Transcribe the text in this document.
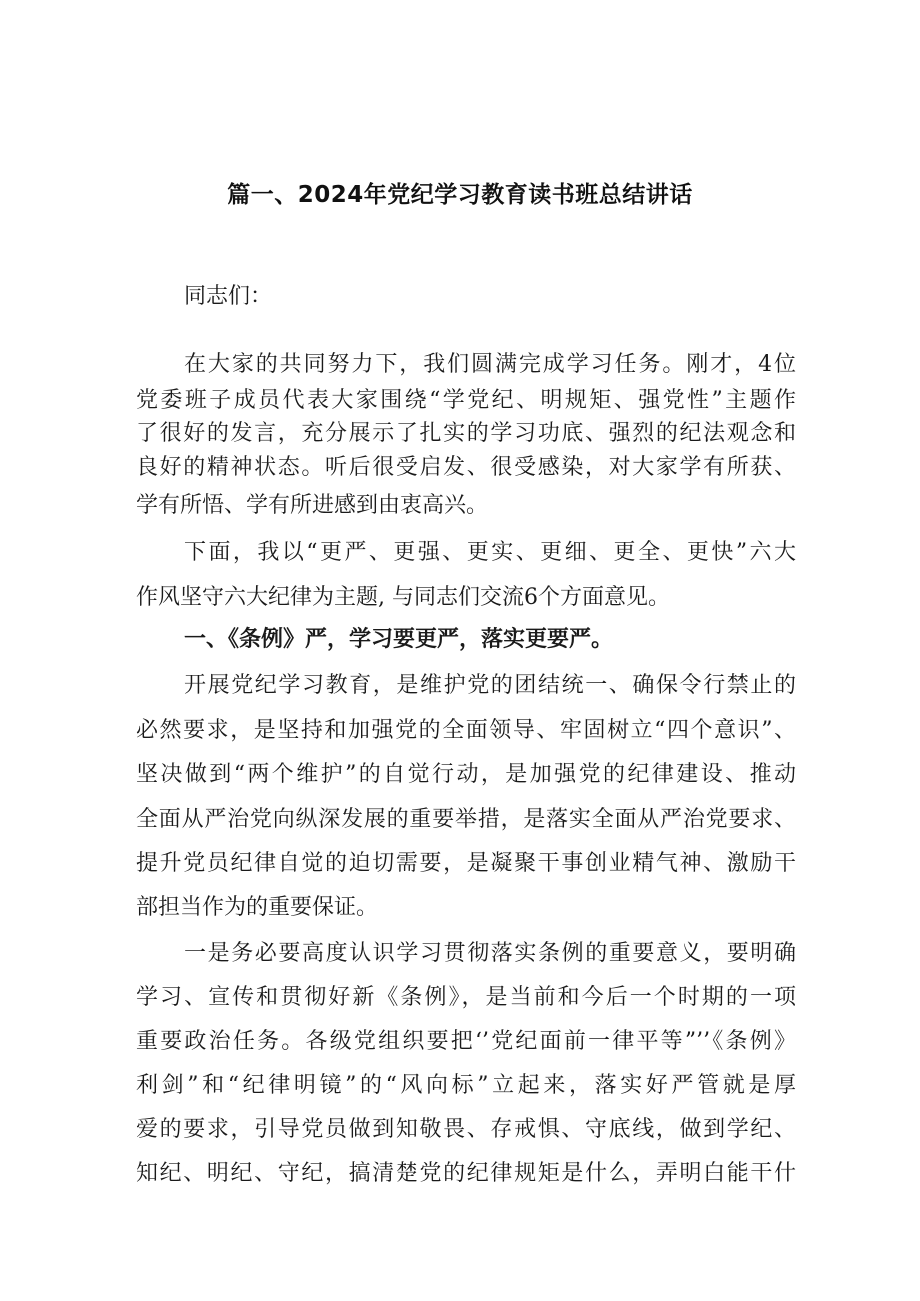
篇一、2024年党纪学习教育读书班总结讲话
同志们：
在大家的共同努力下，我们圆满完成学习任务。刚才，4位
党委班子成员代表大家围绕“学党纪、明规矩、强党性”主题作
了很好的发言，充分展示了扎实的学习功底、强烈的纪法观念和
良好的精神状态。听后很受启发、很受感染，对大家学有所获、
学有所悟、学有所进感到由衷高兴。
下面，我以“更严、更强、更实、更细、更全、更快”六大
作风坚守六大纪律为主题, 与同志们交流6个方面意见。
一、《条例》严，学习要更严，落实更要严。
开展党纪学习教育，是维护党的团结统一、确保令行禁止的
必然要求，是坚持和加强党的全面领导、牢固树立“四个意识”、
坚决做到“两个维护”的自觉行动，是加强党的纪律建设、推动
全面从严治党向纵深发展的重要举措，是落实全面从严治党要求、
提升党员纪律自觉的迫切需要，是凝聚干事创业精气神、激励干
部担当作为的重要保证。
一是务必要高度认识学习贯彻落实条例的重要意义，要明确
学习、宣传和贯彻好新《条例》，是当前和今后一个时期的一项
重要政治任务。各级党组织要把‘’党纪面前一律平等”’’《条例》
利剑”和“纪律明镜”的“风向标”立起来，落实好严管就是厚
爱的要求，引导党员做到知敬畏、存戒惧、守底线，做到学纪、
知纪、明纪、守纪，搞清楚党的纪律规矩是什么，弄明白能干什
